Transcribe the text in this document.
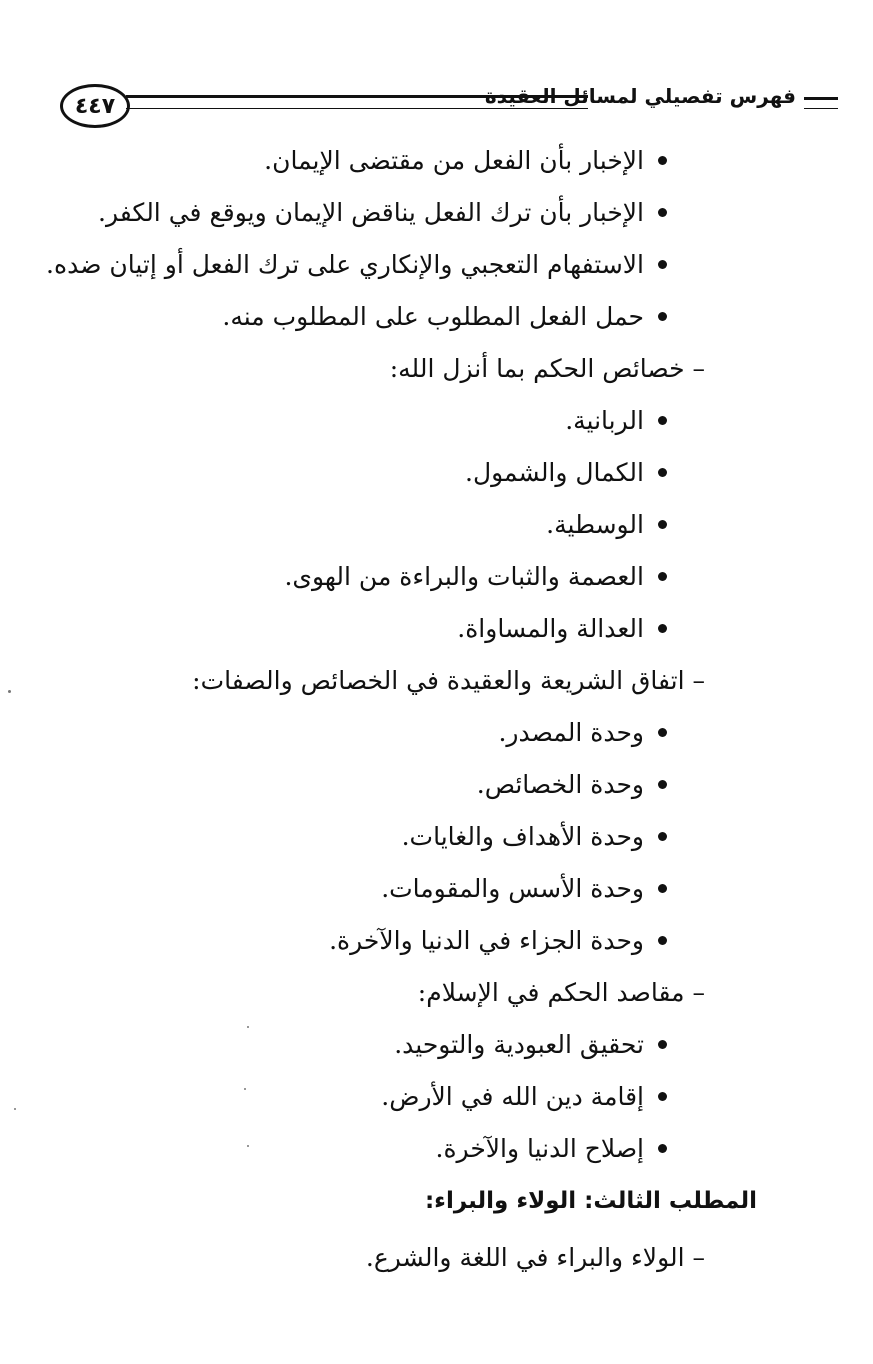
٤٤٧	فهرس تفصيلي لمسائل العقيدة
الإخبار بأن الفعل من مقتضى الإيمان.
الإخبار بأن ترك الفعل يناقض الإيمان ويوقع في الكفر.
الاستفهام التعجبي والإنكاري على ترك الفعل أو إتيان ضده.
حمل الفعل المطلوب على المطلوب منه.
– خصائص الحكم بما أنزل الله:
الربانية.
الكمال والشمول.
الوسطية.
العصمة والثبات والبراءة من الهوى.
العدالة والمساواة.
– اتفاق الشريعة والعقيدة في الخصائص والصفات:
وحدة المصدر.
وحدة الخصائص.
وحدة الأهداف والغايات.
وحدة الأسس والمقومات.
وحدة الجزاء في الدنيا والآخرة.
– مقاصد الحكم في الإسلام:
تحقيق العبودية والتوحيد.
إقامة دين الله في الأرض.
إصلاح الدنيا والآخرة.
المطلب الثالث: الولاء والبراء:
– الولاء والبراء في اللغة والشرع.
